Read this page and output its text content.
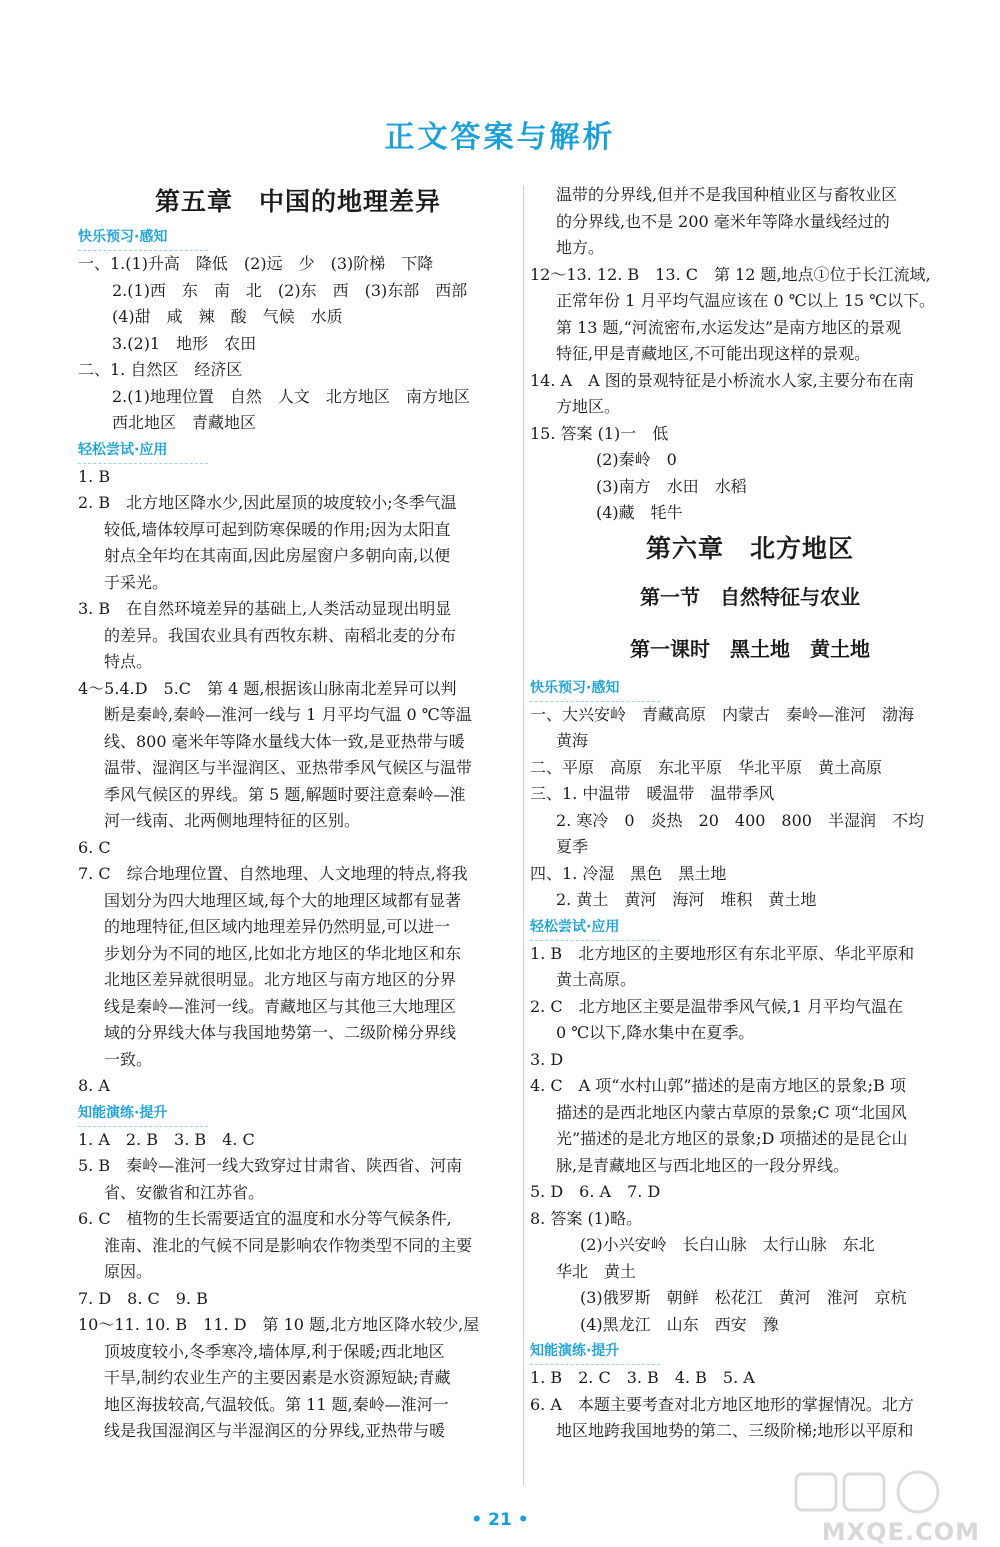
正文答案与解析
第五章　中国的地理差异
快乐预习·感知
一、1.(1)升高　降低　(2)远　少　(3)阶梯　下降
2.(1)西　东　南　北　(2)东　西　(3)东部　西部
(4)甜　咸　辣　酸　气候　水质
3.(2)1　地形　农田
二、1. 自然区　经济区
2.(1)地理位置　自然　人文　北方地区　南方地区
西北地区　青藏地区
轻松尝试·应用
1. B
2. B　北方地区降水少,因此屋顶的坡度较小;冬季气温
较低,墙体较厚可起到防寒保暖的作用;因为太阳直
射点全年均在其南面,因此房屋窗户多朝向南,以便
于采光。
3. B　在自然环境差异的基础上,人类活动显现出明显
的差异。我国农业具有西牧东耕、南稻北麦的分布
特点。
4～5.4.D　5.C　第 4 题,根据该山脉南北差异可以判
断是秦岭,秦岭—淮河一线与 1 月平均气温 0 ℃等温
线、800 毫米年等降水量线大体一致,是亚热带与暖
温带、湿润区与半湿润区、亚热带季风气候区与温带
季风气候区的界线。第 5 题,解题时要注意秦岭—淮
河一线南、北两侧地理特征的区别。
6. C
7. C　综合地理位置、自然地理、人文地理的特点,将我
国划分为四大地理区域,每个大的地理区域都有显著
的地理特征,但区域内地理差异仍然明显,可以进一
步划分为不同的地区,比如北方地区的华北地区和东
北地区差异就很明显。北方地区与南方地区的分界
线是秦岭—淮河一线。青藏地区与其他三大地理区
域的分界线大体与我国地势第一、二级阶梯分界线
一致。
8. A
知能演练·提升
1. A　2. B　3. B　4. C
5. B　秦岭—淮河一线大致穿过甘肃省、陕西省、河南
省、安徽省和江苏省。
6. C　植物的生长需要适宜的温度和水分等气候条件,
淮南、淮北的气候不同是影响农作物类型不同的主要
原因。
7. D　8. C　9. B
10～11. 10. B　11. D　第 10 题,北方地区降水较少,屋
顶坡度较小,冬季寒冷,墙体厚,利于保暖;西北地区
干旱,制约农业生产的主要因素是水资源短缺;青藏
地区海拔较高,气温较低。第 11 题,秦岭—淮河一
线是我国湿润区与半湿润区的分界线,亚热带与暖
温带的分界线,但并不是我国种植业区与畜牧业区
的分界线,也不是 200 毫米年等降水量线经过的
地方。
12～13. 12. B　13. C　第 12 题,地点①位于长江流域,
正常年份 1 月平均气温应该在 0 ℃以上 15 ℃以下。
第 13 题,“河流密布,水运发达”是南方地区的景观
特征,甲是青藏地区,不可能出现这样的景观。
14. A　A 图的景观特征是小桥流水人家,主要分布在南
方地区。
15. 答案 (1)一　低
　　　(2)秦岭　0
　　　(3)南方　水田　水稻
　　　(4)藏　牦牛
第六章　北方地区
第一节　自然特征与农业
第一课时　黑土地　黄土地
快乐预习·感知
一、大兴安岭　青藏高原　内蒙古　秦岭—淮河　渤海
黄海
二、平原　高原　东北平原　华北平原　黄土高原
三、1. 中温带　暖温带　温带季风
2. 寒冷　0　炎热　20　400　800　半湿润　不均
夏季
四、1. 冷湿　黑色　黑土地
2. 黄土　黄河　海河　堆积　黄土地
轻松尝试·应用
1. B　北方地区的主要地形区有东北平原、华北平原和
黄土高原。
2. C　北方地区主要是温带季风气候,1 月平均气温在
0 ℃以下,降水集中在夏季。
3. D
4. C　A 项“水村山郭”描述的是南方地区的景象;B 项
描述的是西北地区内蒙古草原的景象;C 项“北国风
光”描述的是北方地区的景象;D 项描述的是昆仑山
脉,是青藏地区与西北地区的一段分界线。
5. D　6. A　7. D
8. 答案 (1)略。
　　(2)小兴安岭　长白山脉　太行山脉　东北
华北　黄土
　　(3)俄罗斯　朝鲜　松花江　黄河　淮河　京杭
　　(4)黑龙江　山东　西安　豫
知能演练·提升
1. B　2. C　3. B　4. B　5. A
6. A　本题主要考查对北方地区地形的掌握情况。北方
地区地跨我国地势的第二、三级阶梯;地形以平原和
• 21 •	MXQE.COM
